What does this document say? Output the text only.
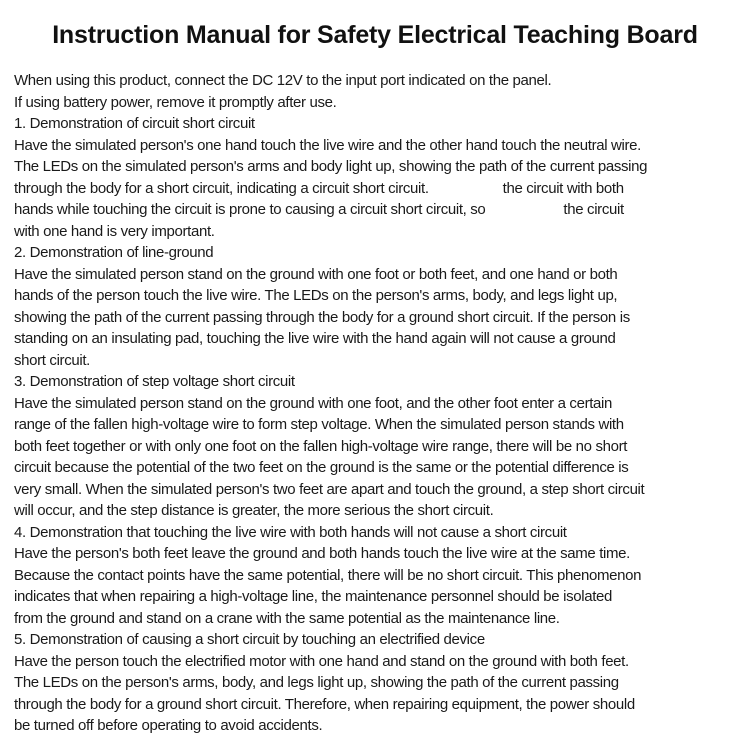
Instruction Manual for Safety Electrical Teaching Board
When using this product, connect the DC 12V to the input port indicated on the panel.
If using battery power, remove it promptly after use.
1. Demonstration of circuit short circuit
Have the simulated person's one hand touch the live wire and the other hand touch the neutral wire.
The LEDs on the simulated person's arms and body light up, showing the path of the current passing
through the body for a short circuit, indicating a circuit short circuit.	the circuit with both
hands while touching the circuit is prone to causing a circuit short circuit, so	the circuit
with one hand is very important.
2. Demonstration of line-ground
Have the simulated person stand on the ground with one foot or both feet, and one hand or both
hands of the person touch the live wire. The LEDs on the person's arms, body, and legs light up,
showing the path of the current passing through the body for a ground short circuit. If the person is
standing on an insulating pad, touching the live wire with the hand again will not cause a ground
short circuit.
3. Demonstration of step voltage short circuit
Have the simulated person stand on the ground with one foot, and the other foot enter a certain
range of the fallen high-voltage wire to form step voltage. When the simulated person stands with
both feet together or with only one foot on the fallen high-voltage wire range, there will be no short
circuit because the potential of the two feet on the ground is the same or the potential difference is
very small. When the simulated person's two feet are apart and touch the ground, a step short circuit
will occur, and the step distance is greater, the more serious the short circuit.
4. Demonstration that touching the live wire with both hands will not cause a short circuit
Have the person's both feet leave the ground and both hands touch the live wire at the same time.
Because the contact points have the same potential, there will be no short circuit. This phenomenon
indicates that when repairing a high-voltage line, the maintenance personnel should be isolated
from the ground and stand on a crane with the same potential as the maintenance line.
5. Demonstration of causing a short circuit by touching an electrified device
Have the person touch the electrified motor with one hand and stand on the ground with both feet.
The LEDs on the person's arms, body, and legs light up, showing the path of the current passing
through the body for a ground short circuit. Therefore, when repairing equipment, the power should
be turned off before operating to avoid accidents.
